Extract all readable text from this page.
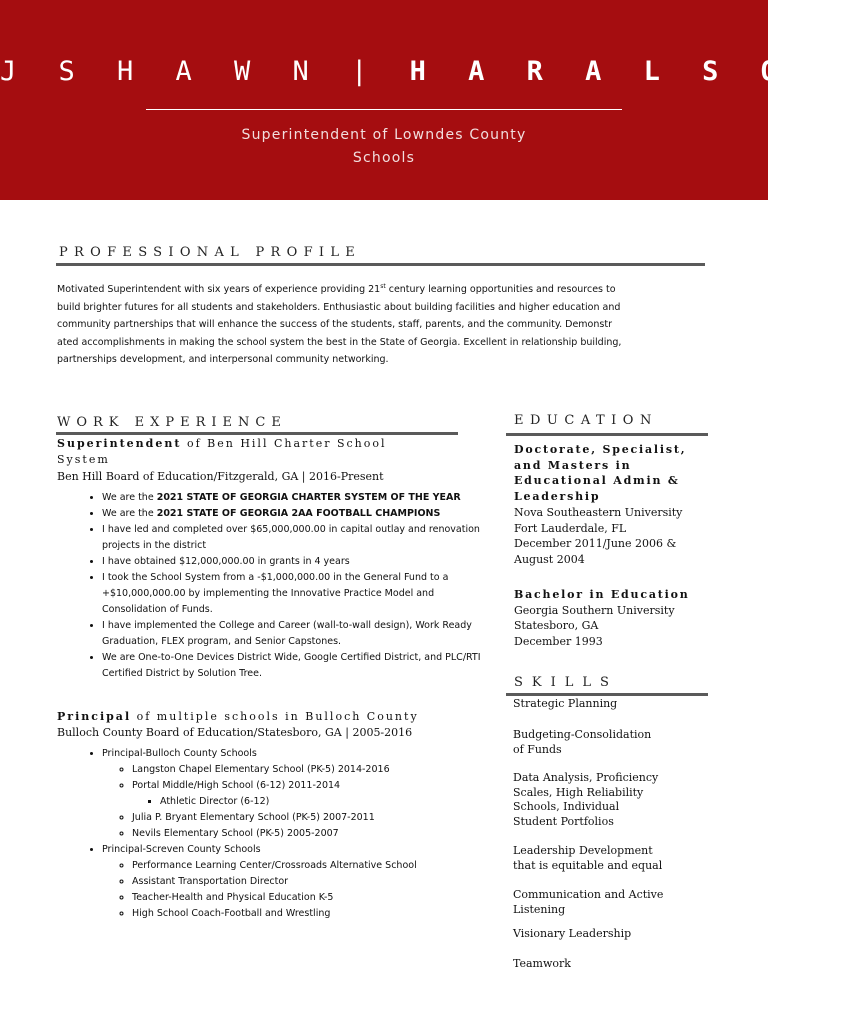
J S H A W N | H A R A L S O N
Superintendent of Lowndes County
Schools
PROFESSIONAL PROFILE

Motivated Superintendent with six years of experience providing 21st century learning opportunities and resources to

build brighter futures for all students and stakeholders. Enthusiastic about building facilities and higher education and

community partnerships that will enhance the success of the students, staff, parents, and the community. Demonstr

ated accomplishments in making the school system the best in the State of Georgia. Excellent in relationship building,

partnerships development, and interpersonal community networking.

WORK EXPERIENCE
Superintendent of Ben Hill Charter School
System
Ben Hill Board of Education/Fitzgerald, GA | 2016-Present
• We are the 2021 STATE OF GEORGIA CHARTER SYSTEM OF THE YEAR
• We are the 2021 STATE OF GEORGIA 2AA FOOTBALL CHAMPIONS
• I have led and completed over $65,000,000.00 in capital outlay and renovation projects in the district
• I have obtained $12,000,000.00 in grants in 4 years
• I took the School System from a -$1,000,000.00 in the General Fund to a +$10,000,000.00 by implementing the Innovative Practice Model and Consolidation of Funds.
• I have implemented the College and Career (wall-to-wall design), Work Ready Graduation, FLEX program, and Senior Capstones.
• We are One-to-One Devices District Wide, Google Certified District, and PLC/RTI Certified District by Solution Tree.
Principal of multiple schools in Bulloch County
Bulloch County Board of Education/Statesboro, GA | 2005-2016
• Principal-Bulloch County Schools
◦ Langston Chapel Elementary School (PK-5) 2014-2016
◦ Portal Middle/High School (6-12) 2011-2014
▪ Athletic Director (6-12)
◦ Julia P. Bryant Elementary School (PK-5) 2007-2011
◦ Nevils Elementary School (PK-5) 2005-2007
• Principal-Screven County Schools
◦ Performance Learning Center/Crossroads Alternative School
◦ Assistant Transportation Director
◦ Teacher-Health and Physical Education K-5
◦ High School Coach-Football and Wrestling
EDUCATION
Doctorate, Specialist,
and Masters in
Educational Admin &
Leadership
Nova Southeastern University
Fort Lauderdale, FL
December 2011/June 2006 &
August 2004
Bachelor in Education
Georgia Southern University
Statesboro, GA
December 1993
SKILLS
Strategic Planning
Budgeting-Consolidation
of Funds
Data Analysis, Proficiency
Scales, High Reliability
Schools, Individual
Student Portfolios
Leadership Development
that is equitable and equal
Communication and Active
Listening
Visionary Leadership
Teamwork
